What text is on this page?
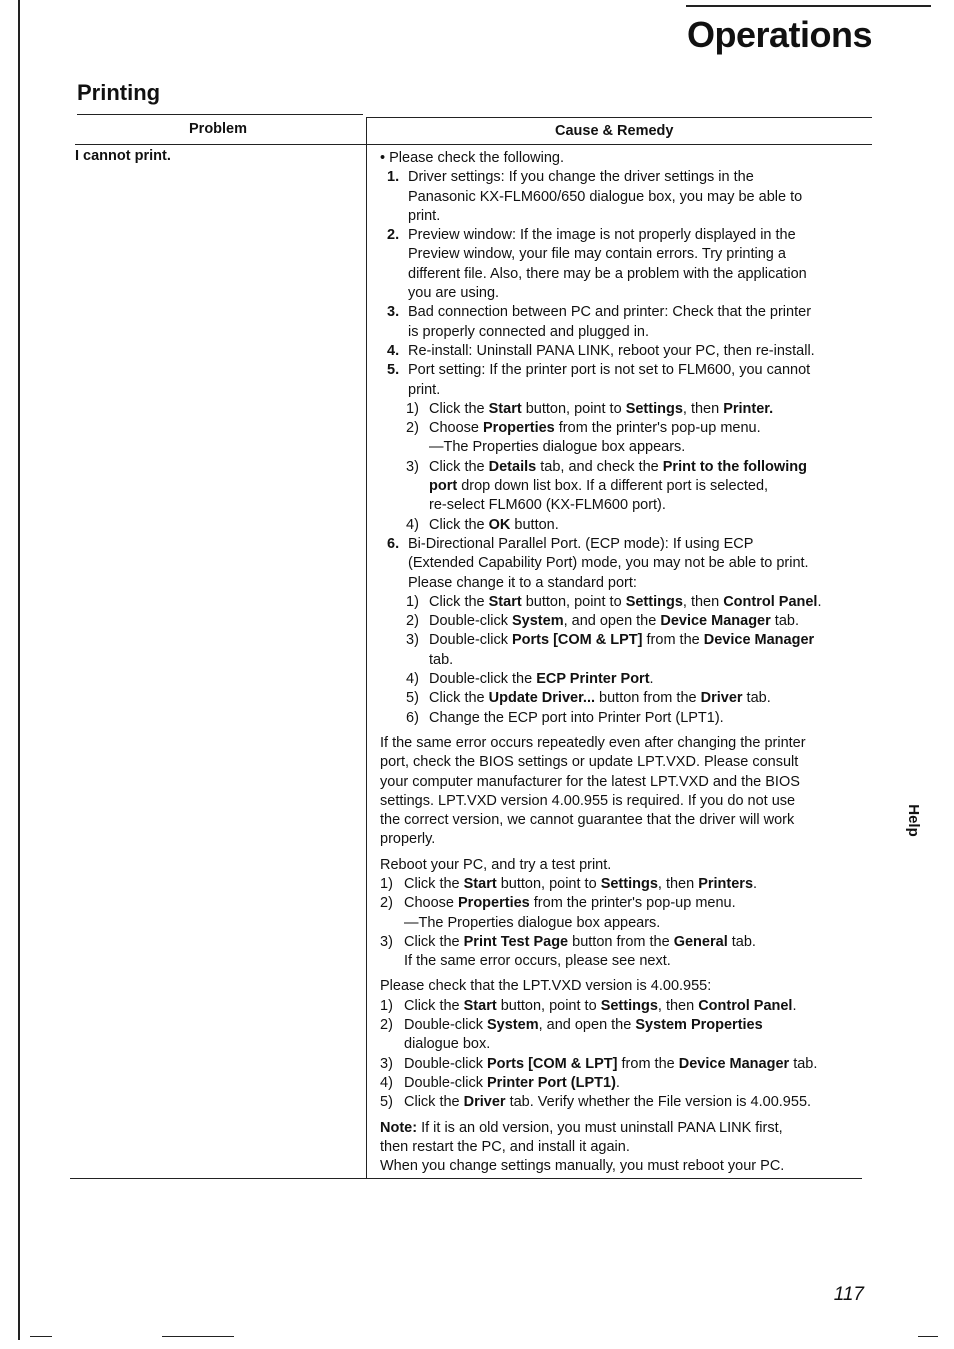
Operations
Printing
Problem	Cause & Remedy
I cannot print.	• Please check the following.
1. Driver settings: If you change the driver settings in the
Panasonic KX-FLM600/650 dialogue box, you may be able to
print.
2. Preview window: If the image is not properly displayed in the
Preview window, your file may contain errors. Try printing a
different file. Also, there may be a problem with the application
you are using.
3. Bad connection between PC and printer: Check that the printer
is properly connected and plugged in.
4. Re-install: Uninstall PANA LINK, reboot your PC, then re-install.
5. Port setting: If the printer port is not set to FLM600, you cannot
print.
1) Click the Start button, point to Settings, then Printer.
2) Choose Properties from the printer's pop-up menu.
—The Properties dialogue box appears.
3) Click the Details tab, and check the Print to the following
port drop down list box. If a different port is selected,
re-select FLM600 (KX-FLM600 port).
4) Click the OK button.
6. Bi-Directional Parallel Port. (ECP mode): If using ECP
(Extended Capability Port) mode, you may not be able to print.
Please change it to a standard port:
1) Click the Start button, point to Settings, then Control Panel.
2) Double-click System, and open the Device Manager tab.
3) Double-click Ports [COM & LPT] from the Device Manager
tab.
4) Double-click the ECP Printer Port.
5) Click the Update Driver... button from the Driver tab.
6) Change the ECP port into Printer Port (LPT1).
If the same error occurs repeatedly even after changing the printer
port, check the BIOS settings or update LPT.VXD. Please consult
your computer manufacturer for the latest LPT.VXD and the BIOS
settings. LPT.VXD version 4.00.955 is required. If you do not use
the correct version, we cannot guarantee that the driver will work
properly.
Reboot your PC, and try a test print.
1) Click the Start button, point to Settings, then Printers.
2) Choose Properties from the printer's pop-up menu.
—The Properties dialogue box appears.
3) Click the Print Test Page button from the General tab.
If the same error occurs, please see next.
Please check that the LPT.VXD version is 4.00.955:
1) Click the Start button, point to Settings, then Control Panel.
2) Double-click System, and open the System Properties
dialogue box.
3) Double-click Ports [COM & LPT] from the Device Manager tab.
4) Double-click Printer Port (LPT1).
5) Click the Driver tab. Verify whether the File version is 4.00.955.
Note: If it is an old version, you must uninstall PANA LINK first,
then restart the PC, and install it again.
When you change settings manually, you must reboot your PC.
Help
117
